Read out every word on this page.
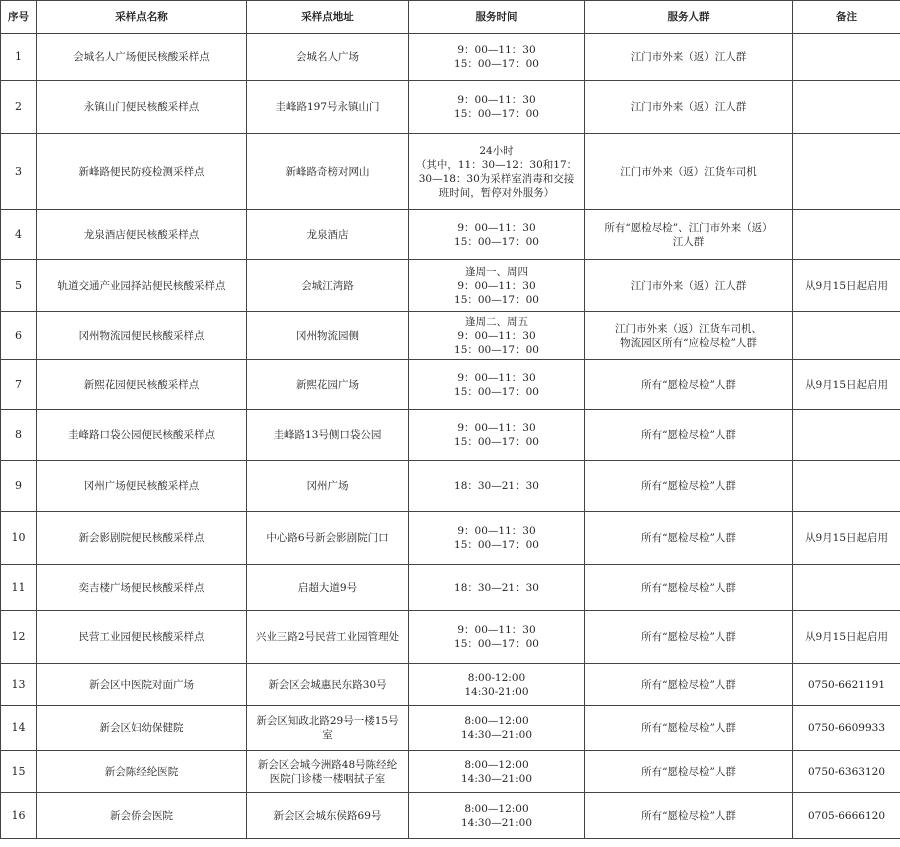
序号	采样点名称	采样点地址	服务时间	服务人群	备注
1	会城名人广场便民核酸采样点	会城名人广场	9：00—11：30
15：00—17：00	江门市外来（返）江人群	
2	永镇山门便民核酸采样点	圭峰路197号永镇山门	9：00—11：30
15：00—17：00	江门市外来（返）江人群	
3	新峰路便民防疫检测采样点	新峰路奇榜对网山	24小时
（其中，11：30—12：30和17：
30—18：30为采样室消毒和交接
班时间，暂停对外服务）	江门市外来（返）江货车司机	
4	龙泉酒店便民核酸采样点	龙泉酒店	9：00—11：30
15：00—17：00	所有“愿检尽检”、江门市外来（返）
江人群	
5	轨道交通产业园择站便民核酸采样点	会城江湾路	逢周一、周四
9：00—11：30
15：00—17：00	江门市外来（返）江人群	从9月15日起启用
6	冈州物流园便民核酸采样点	冈州物流园侧	逢周二、周五
9：00—11：30
15：00—17：00	江门市外来（返）江货车司机、
物流园区所有“应检尽检”人群	
7	新熙花园便民核酸采样点	新熙花园广场	9：00—11：30
15：00—17：00	所有“愿检尽检”人群	从9月15日起启用
8	圭峰路口袋公园便民核酸采样点	圭峰路13号侧口袋公园	9：00—11：30
15：00—17：00	所有“愿检尽检”人群	
9	冈州广场便民核酸采样点	冈州广场	18：30—21：30	所有“愿检尽检”人群	
10	新会影剧院便民核酸采样点	中心路6号新会影剧院门口	9：00—11：30
15：00—17：00	所有“愿检尽检”人群	从9月15日起启用
11	奕吉楼广场便民核酸采样点	启超大道9号	18：30—21：30	所有“愿检尽检”人群	
12	民营工业园便民核酸采样点	兴业三路2号民营工业园管理处	9：00—11：30
15：00—17：00	所有“愿检尽检”人群	从9月15日起启用
13	新会区中医院对面广场	新会区会城惠民东路30号	8:00-12:00
14:30-21:00	所有“愿检尽检”人群	0750-6621191
14	新会区妇幼保健院	新会区知政北路29号一楼15号
室	8:00—12:00
14:30—21:00	所有“愿检尽检”人群	0750-6609933
15	新会陈经纶医院	新会区会城今洲路48号陈经纶
医院门诊楼一楼咽拭子室	8:00—12:00
14:30—21:00	所有“愿检尽检”人群	0750-6363120
16	新会侨会医院	新会区会城东侯路69号	8:00—12:00
14:30—21:00	所有“愿检尽检”人群	0705-6666120
